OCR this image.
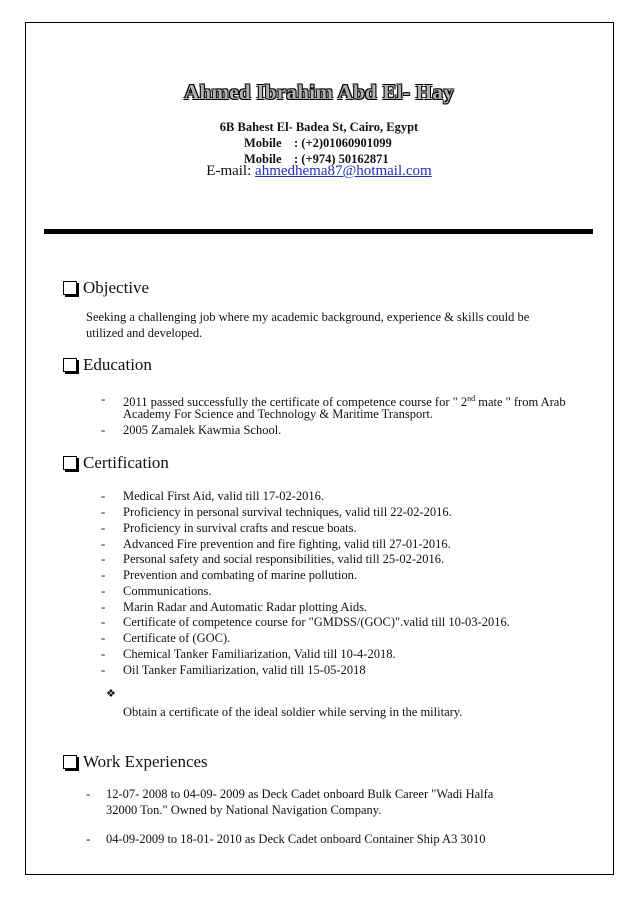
Ahmed Ibrahim Abd El- Hay
6B Bahest El- Badea St, Cairo, Egypt
Mobile : (+2)01060901099
Mobile : (+974) 50162871
E-mail: ahmedhema87@hotmail.com
Objective
Seeking a challenging job where my academic background, experience & skills could be
utilized and developed.
Education
- 2011 passed successfully the certificate of competence course for " 2nd mate " from Arab
Academy For Science and Technology & Maritime Transport.
- 2005 Zamalek Kawmia School.
Certification
- Medical First Aid, valid till 17-02-2016.
- Proficiency in personal survival techniques, valid till 22-02-2016.
- Proficiency in survival crafts and rescue boats.
- Advanced Fire prevention and fire fighting, valid till 27-01-2016.
- Personal safety and social responsibilities, valid till 25-02-2016.
- Prevention and combating of marine pollution.
- Communications.
- Marin Radar and Automatic Radar plotting Aids.
- Certificate of competence course for "GMDSS/(GOC)".valid till 10-03-2016.
- Certificate of (GOC).
- Chemical Tanker Familiarization, Valid till 10-4-2018.
- Oil Tanker Familiarization, valid till 15-05-2018
❖
Obtain a certificate of the ideal soldier while serving in the military.
Work Experiences
- 12-07- 2008 to 04-09- 2009 as Deck Cadet onboard Bulk Career "Wadi Halfa
32000 Ton." Owned by National Navigation Company.
- 04-09-2009 to 18-01- 2010 as Deck Cadet onboard Container Ship A3 3010
